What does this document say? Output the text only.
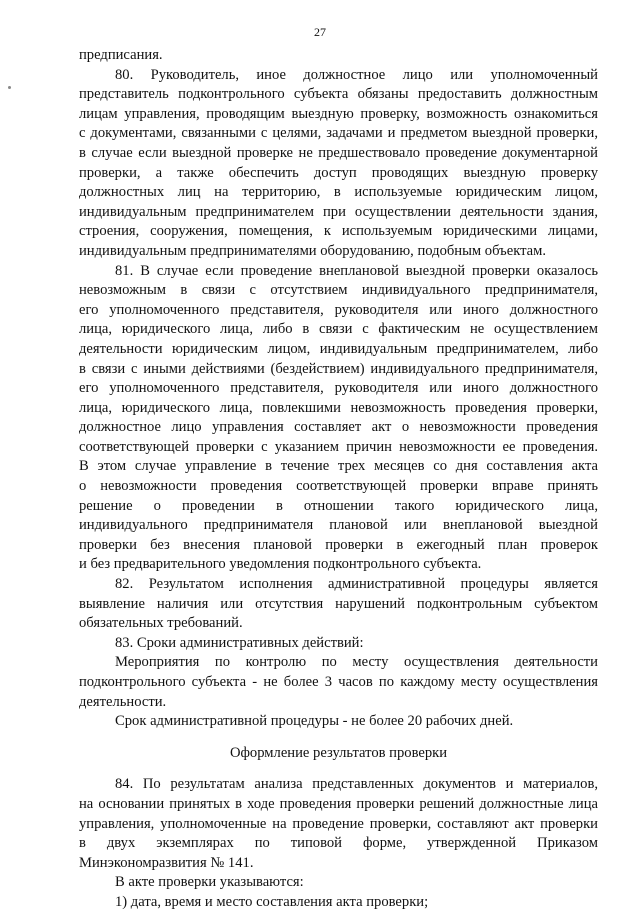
27
предписания.
80. Руководитель, иное должностное лицо или уполномоченный
представитель подконтрольного субъекта обязаны предоставить должностным
лицам управления, проводящим выездную проверку, возможность ознакомиться
с документами, связанными с целями, задачами и предметом выездной проверки,
в случае если выездной проверке не предшествовало проведение документарной
проверки, а также обеспечить доступ проводящих выездную проверку
должностных лиц на территорию, в используемые юридическим лицом,
индивидуальным предпринимателем при осуществлении деятельности здания,
строения, сооружения, помещения, к используемым юридическими лицами,
индивидуальным предпринимателями оборудованию, подобным объектам.
81. В случае если проведение внеплановой выездной проверки оказалось
невозможным в связи с отсутствием индивидуального предпринимателя,
его уполномоченного представителя, руководителя или иного должностного
лица, юридического лица, либо в связи с фактическим не осуществлением
деятельности юридическим лицом, индивидуальным предпринимателем, либо
в связи с иными действиями (бездействием) индивидуального предпринимателя,
его уполномоченного представителя, руководителя или иного должностного
лица, юридического лица, повлекшими невозможность проведения проверки,
должностное лицо управления составляет акт о невозможности проведения
соответствующей проверки с указанием причин невозможности ее проведения.
В этом случае управление в течение трех месяцев со дня составления акта
о невозможности проведения соответствующей проверки вправе принять
решение о проведении в отношении такого юридического лица,
индивидуального предпринимателя плановой или внеплановой выездной
проверки без внесения плановой проверки в ежегодный план проверок
и без предварительного уведомления подконтрольного субъекта.
82. Результатом исполнения административной процедуры является
выявление наличия или отсутствия нарушений подконтрольным субъектом
обязательных требований.
83. Сроки административных действий:
Мероприятия по контролю по месту осуществления деятельности
подконтрольного субъекта - не более 3 часов по каждому месту осуществления
деятельности.
Срок административной процедуры - не более 20 рабочих дней.
Оформление результатов проверки
84. По результатам анализа представленных документов и материалов,
на основании принятых в ходе проведения проверки решений должностные лица
управления, уполномоченные на проведение проверки, составляют акт проверки
в двух экземплярах по типовой форме, утвержденной Приказом
Минэкономразвития № 141.
В акте проверки указываются:
1) дата, время и место составления акта проверки;
